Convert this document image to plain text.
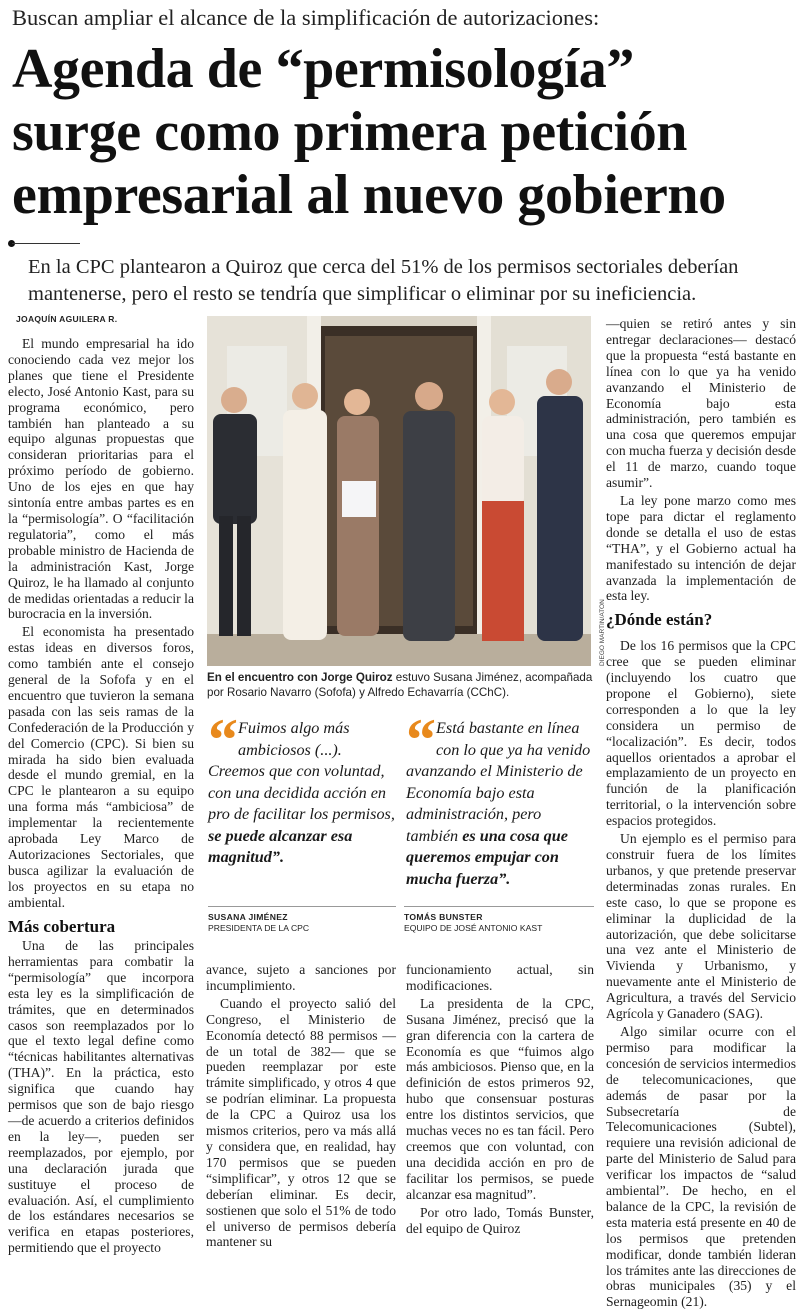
Buscan ampliar el alcance de la simplificación de autorizaciones:
Agenda de “permisología”
surge como primera petición
empresarial al nuevo gobierno
En la CPC plantearon a Quiroz que cerca del 51% de los permisos sectoriales deberían
mantenerse, pero el resto se tendría que simplificar o eliminar por su ineficiencia.
JOAQUÍN AGUILERA R.

El mundo empresarial ha ido conociendo cada vez mejor los planes que tiene el Presidente electo, José Antonio Kast, para su programa económico, pero también han planteado a su equipo algunas propuestas que consideran prioritarias para el próximo período de gobierno. Uno de los ejes en que hay sintonía entre ambas partes es en la “permisología”. O “facilitación regulatoria”, como el más probable ministro de Hacienda de la administración Kast, Jorge Quiroz, le ha llamado al conjunto de medidas orientadas a reducir la burocracia en la inversión.

El economista ha presentado estas ideas en diversos foros, como también ante el consejo general de la Sofofa y en el encuentro que tuvieron la semana pasada con las seis ramas de la Confederación de la Producción y del Comercio (CPC). Si bien su mirada ha sido bien evaluada desde el mundo gremial, en la CPC le plantearon a su equipo una forma más “ambiciosa” de implementar la recientemente aprobada Ley Marco de Autorizaciones Sectoriales, que busca agilizar la evaluación de los proyectos en su etapa no ambiental.

Más cobertura

Una de las principales herramientas para combatir la “permisología” que incorpora esta ley es la simplificación de trámites, que en determinados casos son reemplazados por lo que el texto legal define como “técnicas habilitantes alternativas (THA)”. En la práctica, esto significa que cuando hay permisos que son de bajo riesgo —de acuerdo a criterios definidos en la ley—, pueden ser reemplazados, por ejemplo, por una declaración jurada que sustituye el proceso de evaluación. Así, el cumplimiento de los estándares necesarios se verifica en etapas posteriores, permitiendo que el proyecto

DIEGO MARTIN/ATON
En el encuentro con Jorge Quiroz estuvo Susana Jiménez, acompañada por Rosario Navarro (Sofofa) y Alfredo Echavarría (CChC).
“ Fuimos algo más ambiciosos (...). Creemos que con voluntad, con una decidida acción en pro de facilitar los permisos, se puede alcanzar esa magnitud”.
“ Está bastante en línea con lo que ya ha venido avanzando el Ministerio de Economía bajo esta administración, pero también es una cosa que queremos empujar con mucha fuerza”.
SUSANA JIMÉNEZ
PRESIDENTA DE LA CPC
TOMÁS BUNSTER
EQUIPO DE JOSÉ ANTONIO KAST

avance, sujeto a sanciones por incumplimiento.

Cuando el proyecto salió del Congreso, el Ministerio de Economía detectó 88 permisos —de un total de 382— que se pueden reemplazar por este trámite simplificado, y otros 4 que se podrían eliminar. La propuesta de la CPC a Quiroz usa los mismos criterios, pero va más allá y considera que, en realidad, hay 170 permisos que se pueden “simplificar”, y otros 12 que se deberían eliminar. Es decir, sostienen que solo el 51% de todo el universo de permisos debería mantener su

funcionamiento actual, sin modificaciones.

La presidenta de la CPC, Susana Jiménez, precisó que la gran diferencia con la cartera de Economía es que “fuimos algo más ambiciosos. Pienso que, en la definición de estos primeros 92, hubo que consensuar posturas entre los distintos servicios, que muchas veces no es tan fácil. Pero creemos que con voluntad, con una decidida acción en pro de facilitar los permisos, se puede alcanzar esa magnitud”.

Por otro lado, Tomás Bunster, del equipo de Quiroz

—quien se retiró antes y sin entregar declaraciones— destacó que la propuesta “está bastante en línea con lo que ya ha venido avanzando el Ministerio de Economía bajo esta administración, pero también es una cosa que queremos empujar con mucha fuerza y decisión desde el 11 de marzo, cuando toque asumir”.

La ley pone marzo como mes tope para dictar el reglamento donde se detalla el uso de estas “THA”, y el Gobierno actual ha manifestado su intención de dejar avanzada la implementación de esta ley.

¿Dónde están?

De los 16 permisos que la CPC cree que se pueden eliminar (incluyendo los cuatro que propone el Gobierno), siete corresponden a lo que la ley considera un permiso de “localización”. Es decir, todos aquellos orientados a aprobar el emplazamiento de un proyecto en función de la planificación territorial, o la intervención sobre espacios protegidos.

Un ejemplo es el permiso para construir fuera de los límites urbanos, y que pretende preservar determinadas zonas rurales. En este caso, lo que se propone es eliminar la duplicidad de la autorización, que debe solicitarse una vez ante el Ministerio de Vivienda y Urbanismo, y nuevamente ante el Ministerio de Agricultura, a través del Servicio Agrícola y Ganadero (SAG).

Algo similar ocurre con el permiso para modificar la concesión de servicios intermedios de telecomunicaciones, que además de pasar por la Subsecretaría de Telecomunicaciones (Subtel), requiere una revisión adicional de parte del Ministerio de Salud para verificar los impactos de “salud ambiental”. De hecho, en el balance de la CPC, la revisión de esta materia está presente en 40 de los permisos que pretenden modificar, donde también lideran los trámites ante las direcciones de obras municipales (35) y el Sernageomin (21).
